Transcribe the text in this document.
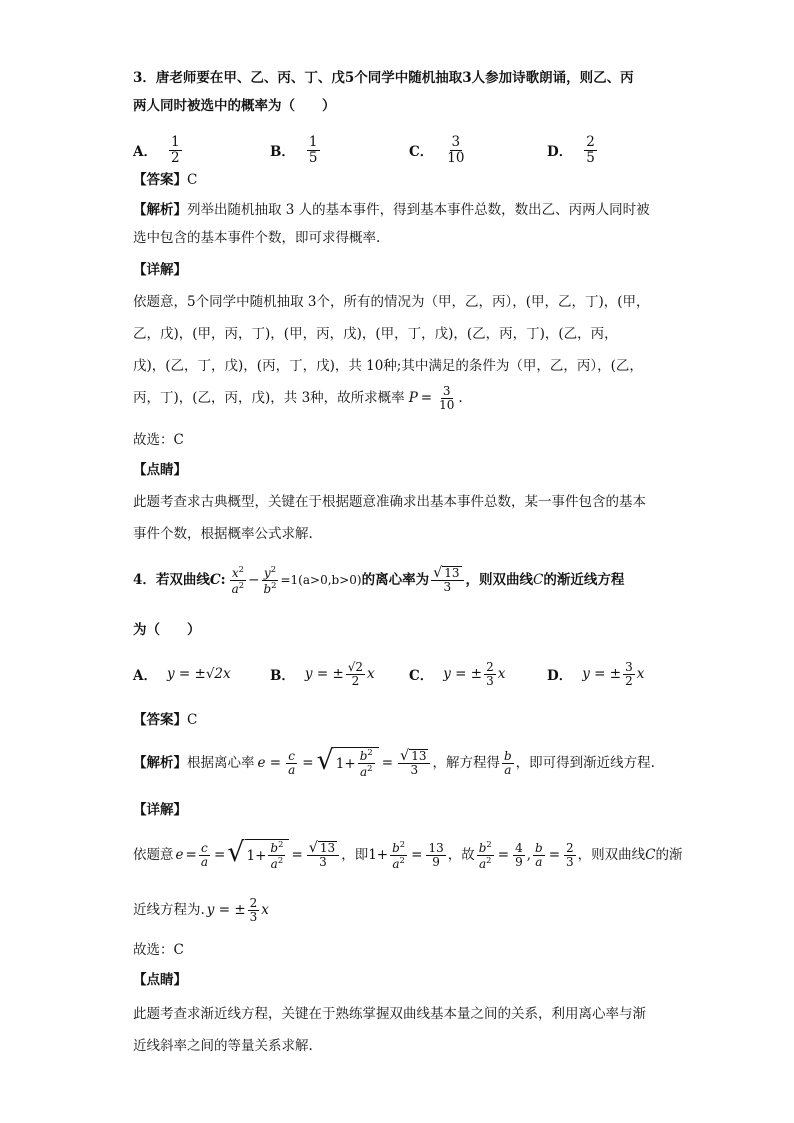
3．唐老师要在甲、乙、丙、丁、戊5个同学中随机抽取3人参加诗歌朗诵，则乙、丙
两人同时被选中的概率为（　　）
A． $\frac{1}{2}$	B． $\frac{1}{5}$	C． $\frac{3}{10}$	D． $\frac{2}{5}$
【答案】C
【解析】列举出随机抽取 3 人的基本事件，得到基本事件总数，数出乙、丙两人同时被
选中包含的基本事件个数，即可求得概率.
【详解】
依题意，5个同学中随机抽取 3个，所有的情况为（甲，乙，丙），(甲，乙，丁)，(甲，
乙，戊)，(甲，丙，丁)，(甲，丙，戊)，(甲，丁，戊)，(乙，丙，丁)，(乙，丙，
戊)，(乙，丁，戊)，(丙，丁，戊)，共 10种;其中满足的条件为（甲，乙，丙），(乙，
丙，丁)，(乙，丙，戊)，共 3种，故所求概率 $P = \frac{3}{10}$ .
故选：C
【点睛】
此题考查求古典概型，关键在于根据题意准确求出基本事件总数，某一事件包含的基本
事件个数，根据概率公式求解.
4．若双曲线 C : $\frac{x^2}{a^2} - \frac{y^2}{b^2} =1(a>0,b>0)$ 的离心率为 $\frac{√ 13}{3}$ ，则双曲线 C 的渐近线方程
为（　　）
A． y = ±√2x	B． y = ± $\frac{√2}{2}$ x	C． y = ± $\frac{2}{3}$ x	D． y = ± $\frac{3}{2}$ x
【答案】C
【解析】 根据离心率 $e = \frac{c}{a}$ = √ $1+ \frac{b^2}{a^2} = \frac{√ 13}{3}$ ，解方程得 $\frac{b}{a}$ ，即可得到渐近线方程.
【详解】
依题意 $e = \frac{c}{a}$ = √ $1+ \frac{b^2}{a^2} = \frac{√ 13}{3}$ ，即 $1+ \frac{b^2}{a^2} = \frac{13}{9}$ ，故 $\frac{b^2}{a^2} = \frac{4}{9}$ , $\frac{b}{a} = \frac{2}{3}$ ，则双曲线 C 的渐
近线方程为. y = ± $\frac{2}{3}$ x
故选：C
【点睛】
此题考查求渐近线方程，关键在于熟练掌握双曲线基本量之间的关系，利用离心率与渐
近线斜率之间的等量关系求解.
